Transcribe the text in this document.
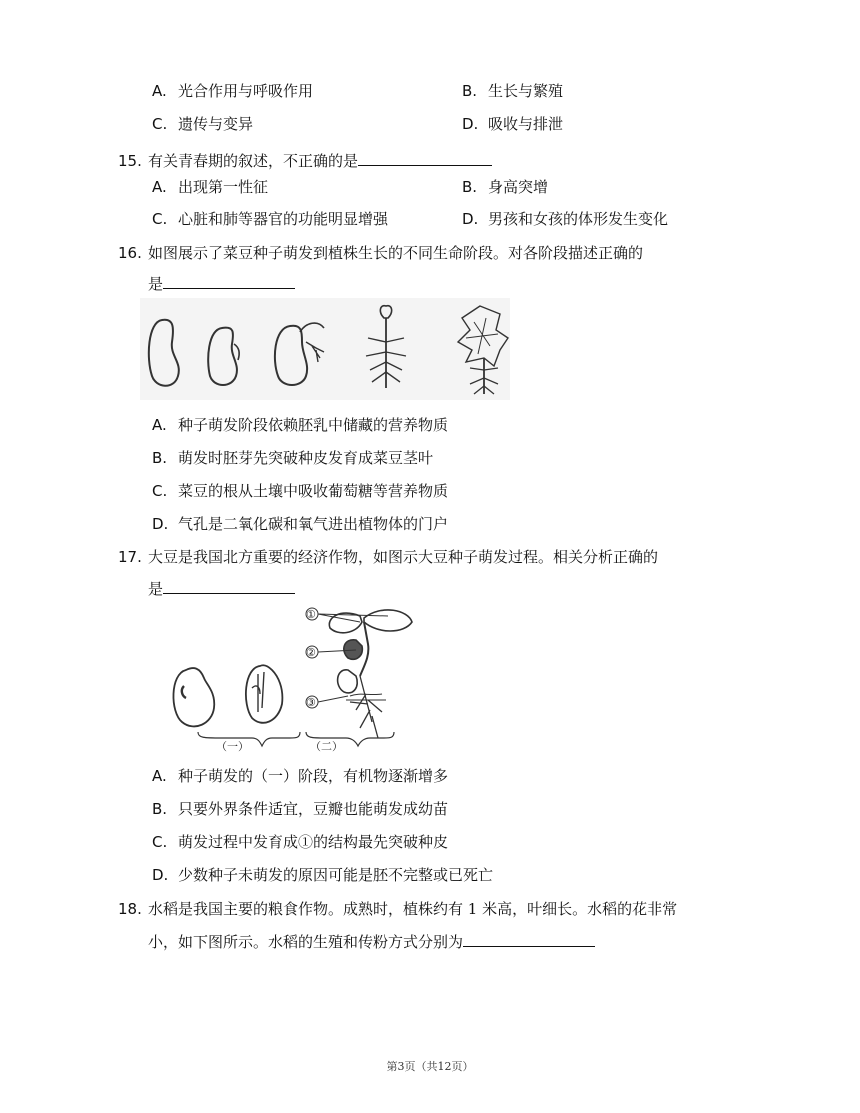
A. 光合作用与呼吸作用	B. 生长与繁殖
C. 遗传与变异	D. 吸收与排泄
15. 有关青春期的叙述，不正确的是
A. 出现第一性征	B. 身高突增
C. 心脏和肺等器官的功能明显增强	D. 男孩和女孩的体形发生变化
16. 如图展示了菜豆种子萌发到植株生长的不同生命阶段。对各阶段描述正确的
是
A. 种子萌发阶段依赖胚乳中储藏的营养物质
B. 萌发时胚芽先突破种皮发育成菜豆茎叶
C. 菜豆的根从土壤中吸收葡萄糖等营养物质
D. 气孔是二氧化碳和氧气进出植物体的门户
17. 大豆是我国北方重要的经济作物，如图示大豆种子萌发过程。相关分析正确的
是
①
②
③
（一）	（二）
A. 种子萌发的（一）阶段，有机物逐渐增多
B. 只要外界条件适宜，豆瓣也能萌发成幼苗
C. 萌发过程中发育成①的结构最先突破种皮
D. 少数种子未萌发的原因可能是胚不完整或已死亡
18. 水稻是我国主要的粮食作物。成熟时，植株约有 1 米高，叶细长。水稻的花非常
小，如下图所示。水稻的生殖和传粉方式分别为
第3页（共12页）
